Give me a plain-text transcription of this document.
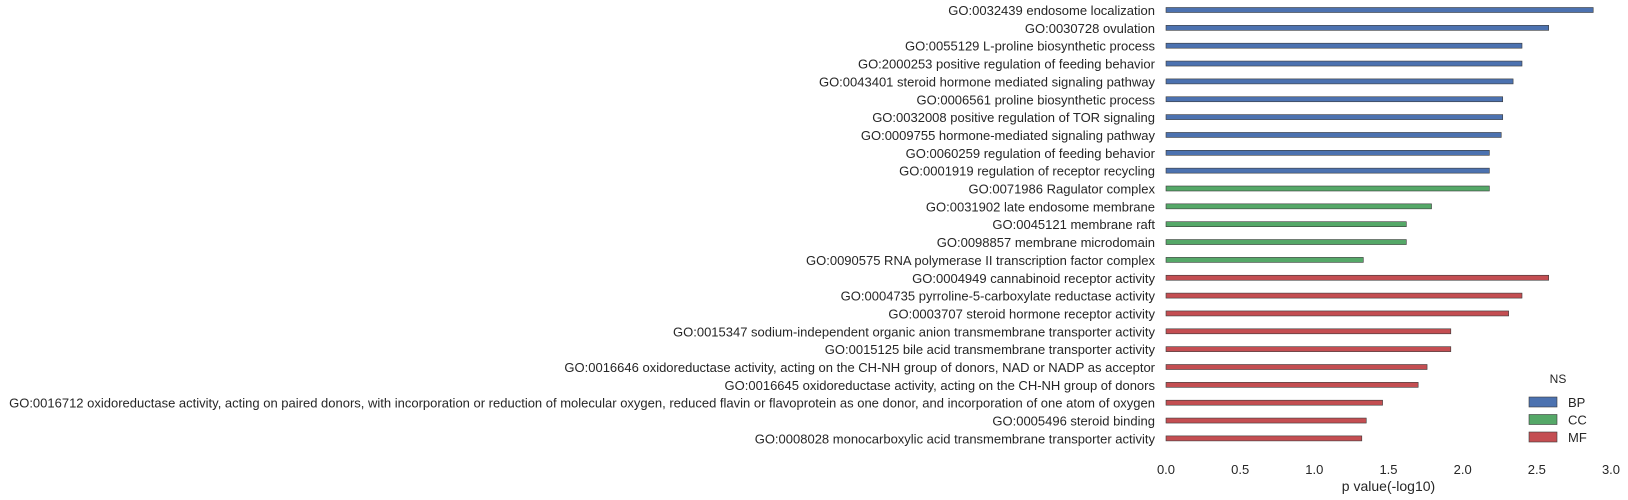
GO:0032439 endosome localization
GO:0030728 ovulation
GO:0055129 L-proline biosynthetic process
GO:2000253 positive regulation of feeding behavior
GO:0043401 steroid hormone mediated signaling pathway
GO:0006561 proline biosynthetic process
GO:0032008 positive regulation of TOR signaling
GO:0009755 hormone-mediated signaling pathway
GO:0060259 regulation of feeding behavior
GO:0001919 regulation of receptor recycling
GO:0071986 Ragulator complex
GO:0031902 late endosome membrane
GO:0045121 membrane raft
GO:0098857 membrane microdomain
GO:0090575 RNA polymerase II transcription factor complex
GO:0004949 cannabinoid receptor activity
GO:0004735 pyrroline-5-carboxylate reductase activity
GO:0003707 steroid hormone receptor activity
GO:0015347 sodium-independent organic anion transmembrane transporter activity
GO:0015125 bile acid transmembrane transporter activity
GO:0016646 oxidoreductase activity, acting on the CH-NH group of donors, NAD or NADP as acceptor
GO:0016645 oxidoreductase activity, acting on the CH-NH group of donors
GO:0016712 oxidoreductase activity, acting on paired donors, with incorporation or reduction of molecular oxygen, reduced flavin or flavoprotein as one donor, and incorporation of one atom of oxygen
GO:0005496 steroid binding
GO:0008028 monocarboxylic acid transmembrane transporter activity
0.0	0.5	1.0	1.5	2.0	2.5	3.0
p value(-log10)
NS
BP
CC
MF
